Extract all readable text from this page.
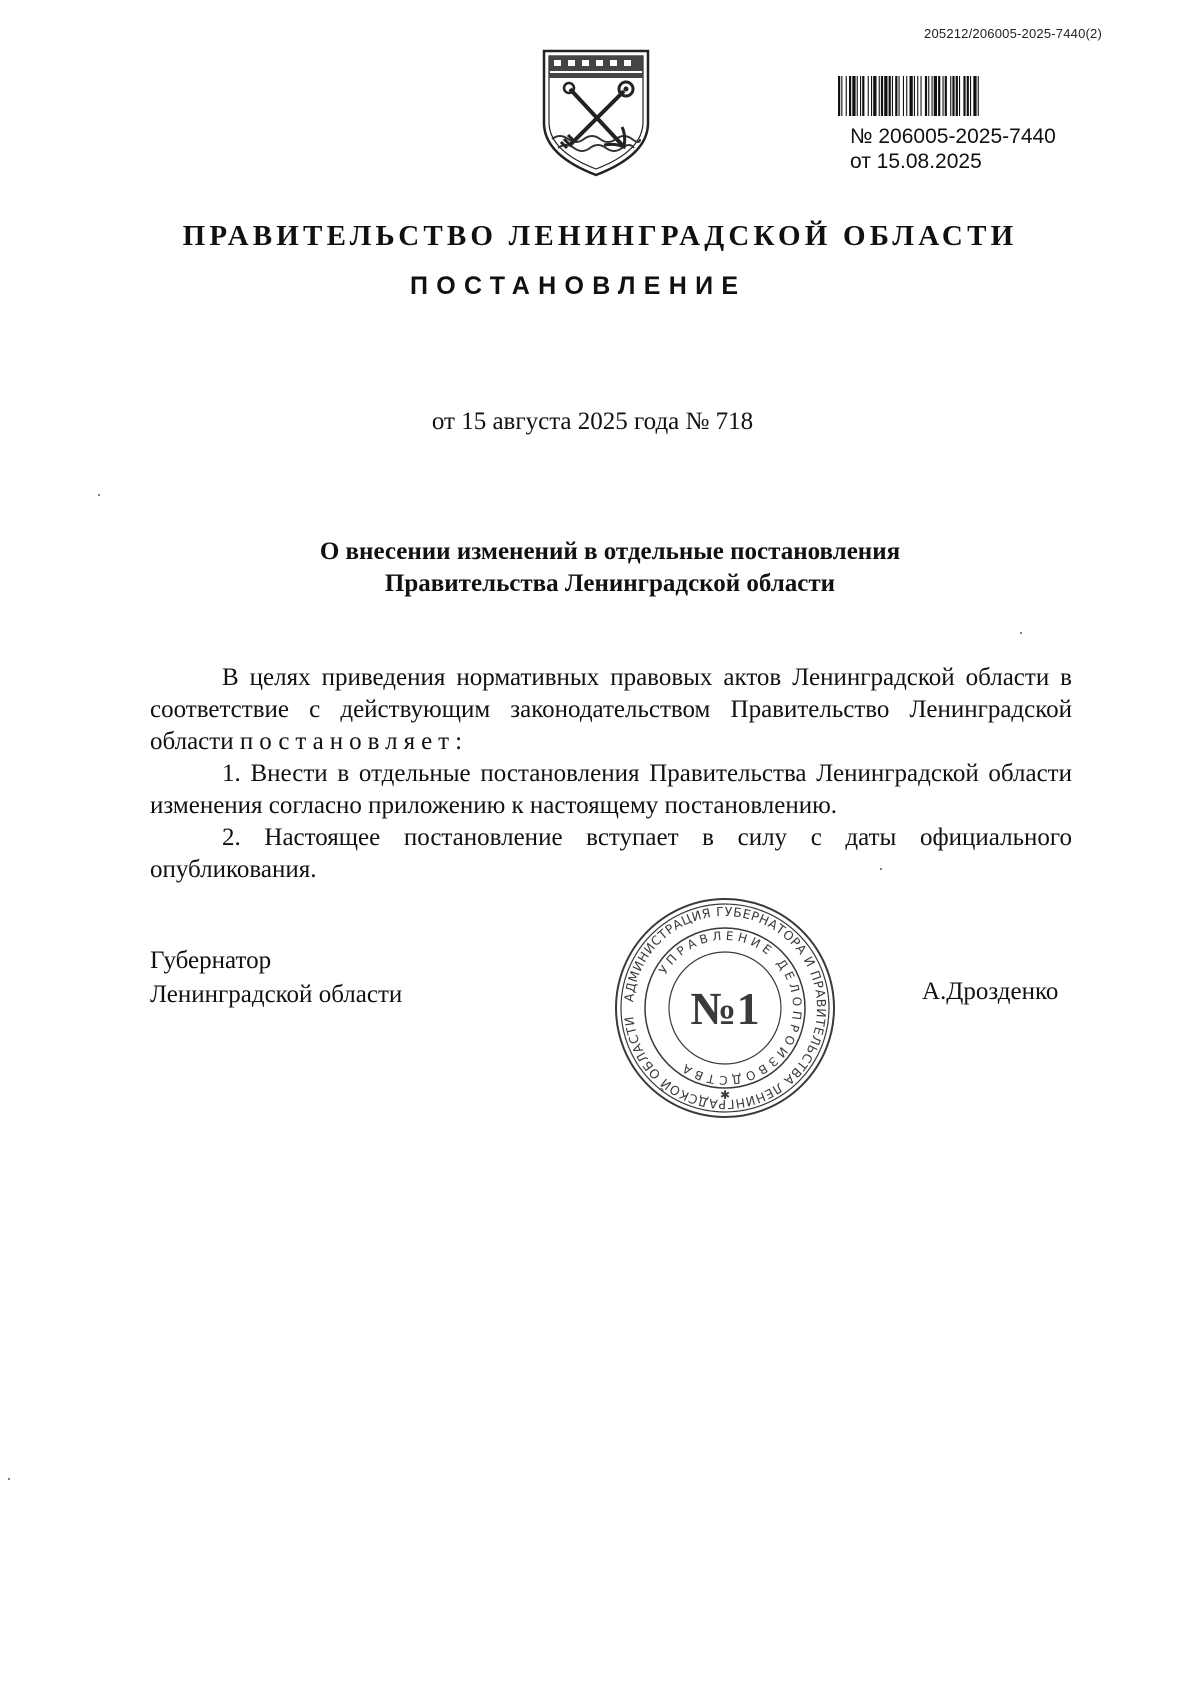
205212/206005-2025-7440(2)
№ 206005-2025-7440
от 15.08.2025
ПРАВИТЕЛЬСТВО ЛЕНИНГРАДСКОЙ ОБЛАСТИ
ПОСТАНОВЛЕНИЕ
от 15 августа 2025 года № 718
О внесении изменений в отдельные постановления
Правительства Ленинградской области

В целях приведения нормативных правовых актов Ленинградской области в соответствие с действующим законодательством Правительство Ленинградской области постановляет:

1. Внести в отдельные постановления Правительства Ленинградской области изменения согласно приложению к настоящему постановлению.

2. Настоящее постановление вступает в силу с даты официального опубликования.

Губернатор
Ленинградской области	АДМИНИСТРАЦИЯ ГУБЕРНАТОРА И ПРАВИТЕЛЬСТВА ЛЕНИНГРАДСКОЙ ОБЛАСТИ
УПРАВЛЕНИЕ ДЕЛОПРОИЗВОДСТВА
№1
✱
А.Дрозденко
